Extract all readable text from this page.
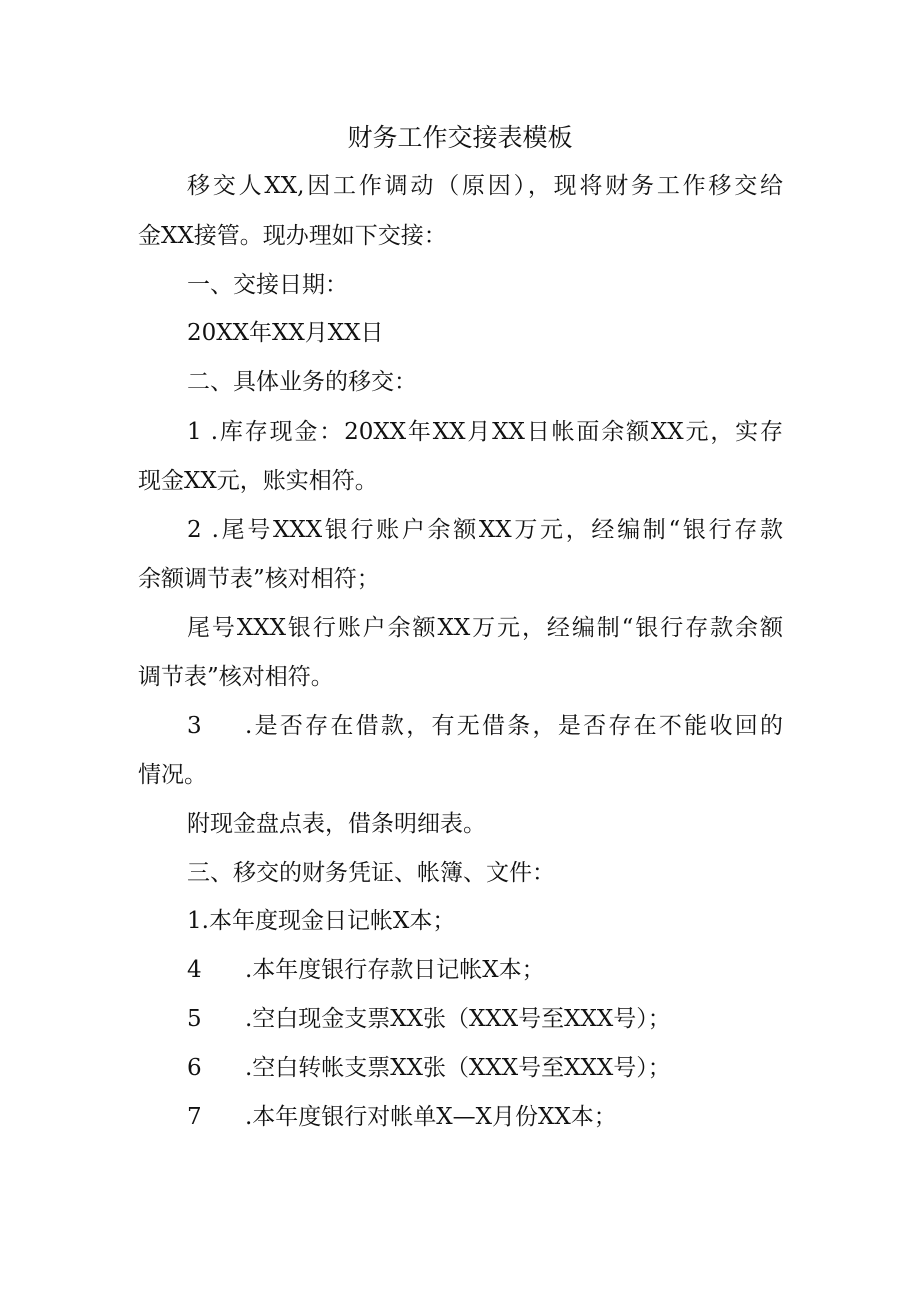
财务工作交接表模板
移交人XX,因工作调动（原因），现将财务工作移交给
金XX接管。现办理如下交接：
一、交接日期：
20XX年XX月XX日
二、具体业务的移交：
1 .库存现金：20XX年XX月XX日帐面余额XX元，实存
现金XX元，账实相符。
2 .尾号XXX银行账户余额XX万元，经编制“银行存款
余额调节表”核对相符；
尾号XXX银行账户余额XX万元，经编制“银行存款余额
调节表”核对相符。
3 .是否存在借款，有无借条，是否存在不能收回的
情况。
附现金盘点表，借条明细表。
三、移交的财务凭证、帐簿、文件：
1.本年度现金日记帐X本；
4 .本年度银行存款日记帐X本；
5 .空白现金支票XX张（XXX号至XXX号）；
6 .空白转帐支票XX张（XXX号至XXX号）；
7 .本年度银行对帐单X—X月份XX本；
